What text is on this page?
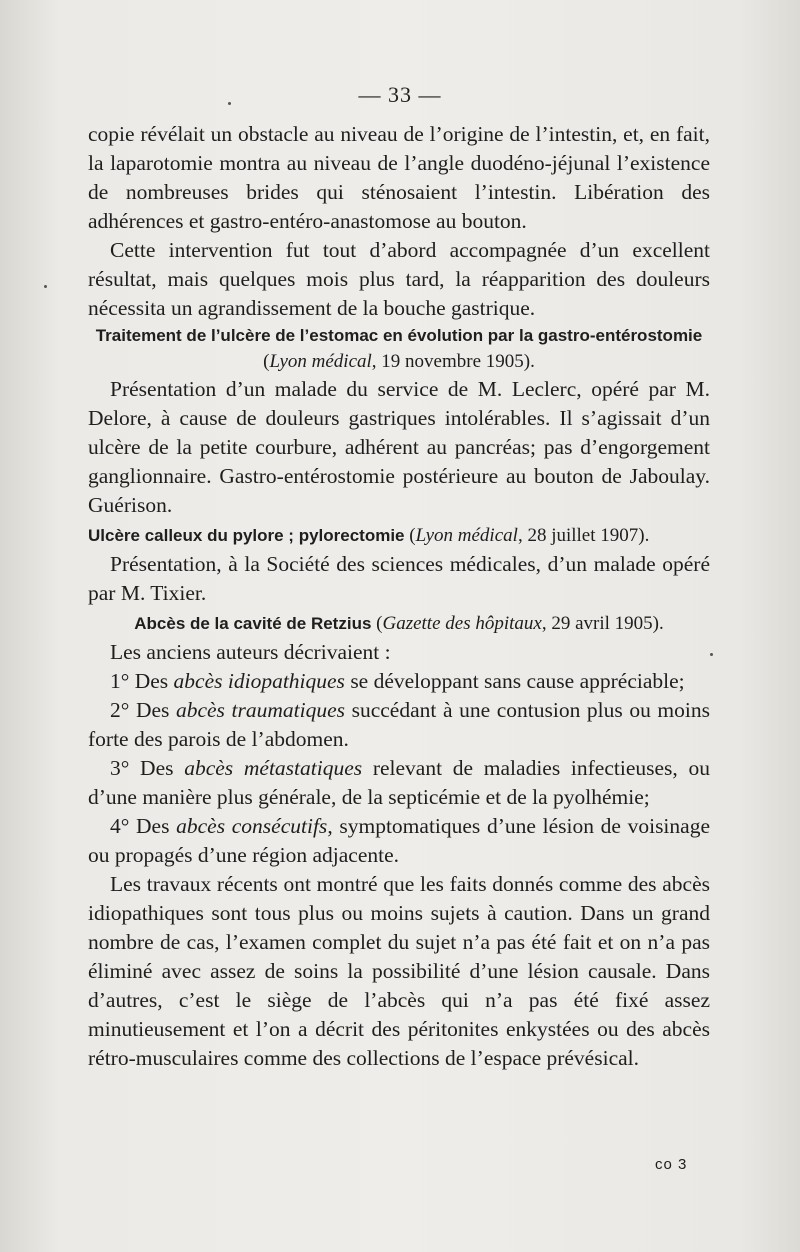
— 33 —

copie révélait un obstacle au niveau de l’origine de l’intestin, et, en fait, la laparotomie montra au niveau de l’angle duodéno-jéjunal l’existence de nombreuses brides qui sténosaient l’intestin. Libération des adhérences et gastro-entéro-anastomose au bouton.

Cette intervention fut tout d’abord accompagnée d’un excellent résultat, mais quelques mois plus tard, la réapparition des douleurs nécessita un agrandissement de la bouche gastrique.

Traitement de l’ulcère de l’estomac en évolution par la gastro-entérostomie (Lyon médical, 19 novembre 1905).

Présentation d’un malade du service de M. Leclerc, opéré par M. Delore, à cause de douleurs gastriques intolérables. Il s’agissait d’un ulcère de la petite courbure, adhérent au pancréas; pas d’engorgement ganglionnaire. Gastro-entérostomie postérieure au bouton de Jaboulay. Guérison.

Ulcère calleux du pylore ; pylorectomie (Lyon médical, 28 juillet 1907).

Présentation, à la Société des sciences médicales, d’un malade opéré par M. Tixier.

Abcès de la cavité de Retzius (Gazette des hôpitaux, 29 avril 1905).

Les anciens auteurs décrivaient :

1° Des abcès idiopathiques se développant sans cause appréciable;

2° Des abcès traumatiques succédant à une contusion plus ou moins forte des parois de l’abdomen.

3° Des abcès métastatiques relevant de maladies infectieuses, ou d’une manière plus générale, de la septicémie et de la pyolhémie;

4° Des abcès consécutifs, symptomatiques d’une lésion de voisinage ou propagés d’une région adjacente.

Les travaux récents ont montré que les faits donnés comme des abcès idiopathiques sont tous plus ou moins sujets à caution. Dans un grand nombre de cas, l’examen complet du sujet n’a pas été fait et on n’a pas éliminé avec assez de soins la possibilité d’une lésion causale. Dans d’autres, c’est le siège de l’abcès qui n’a pas été fixé assez minutieusement et l’on a décrit des péritonites enkystées ou des abcès rétro-musculaires comme des collections de l’espace prévésical.

co 3
